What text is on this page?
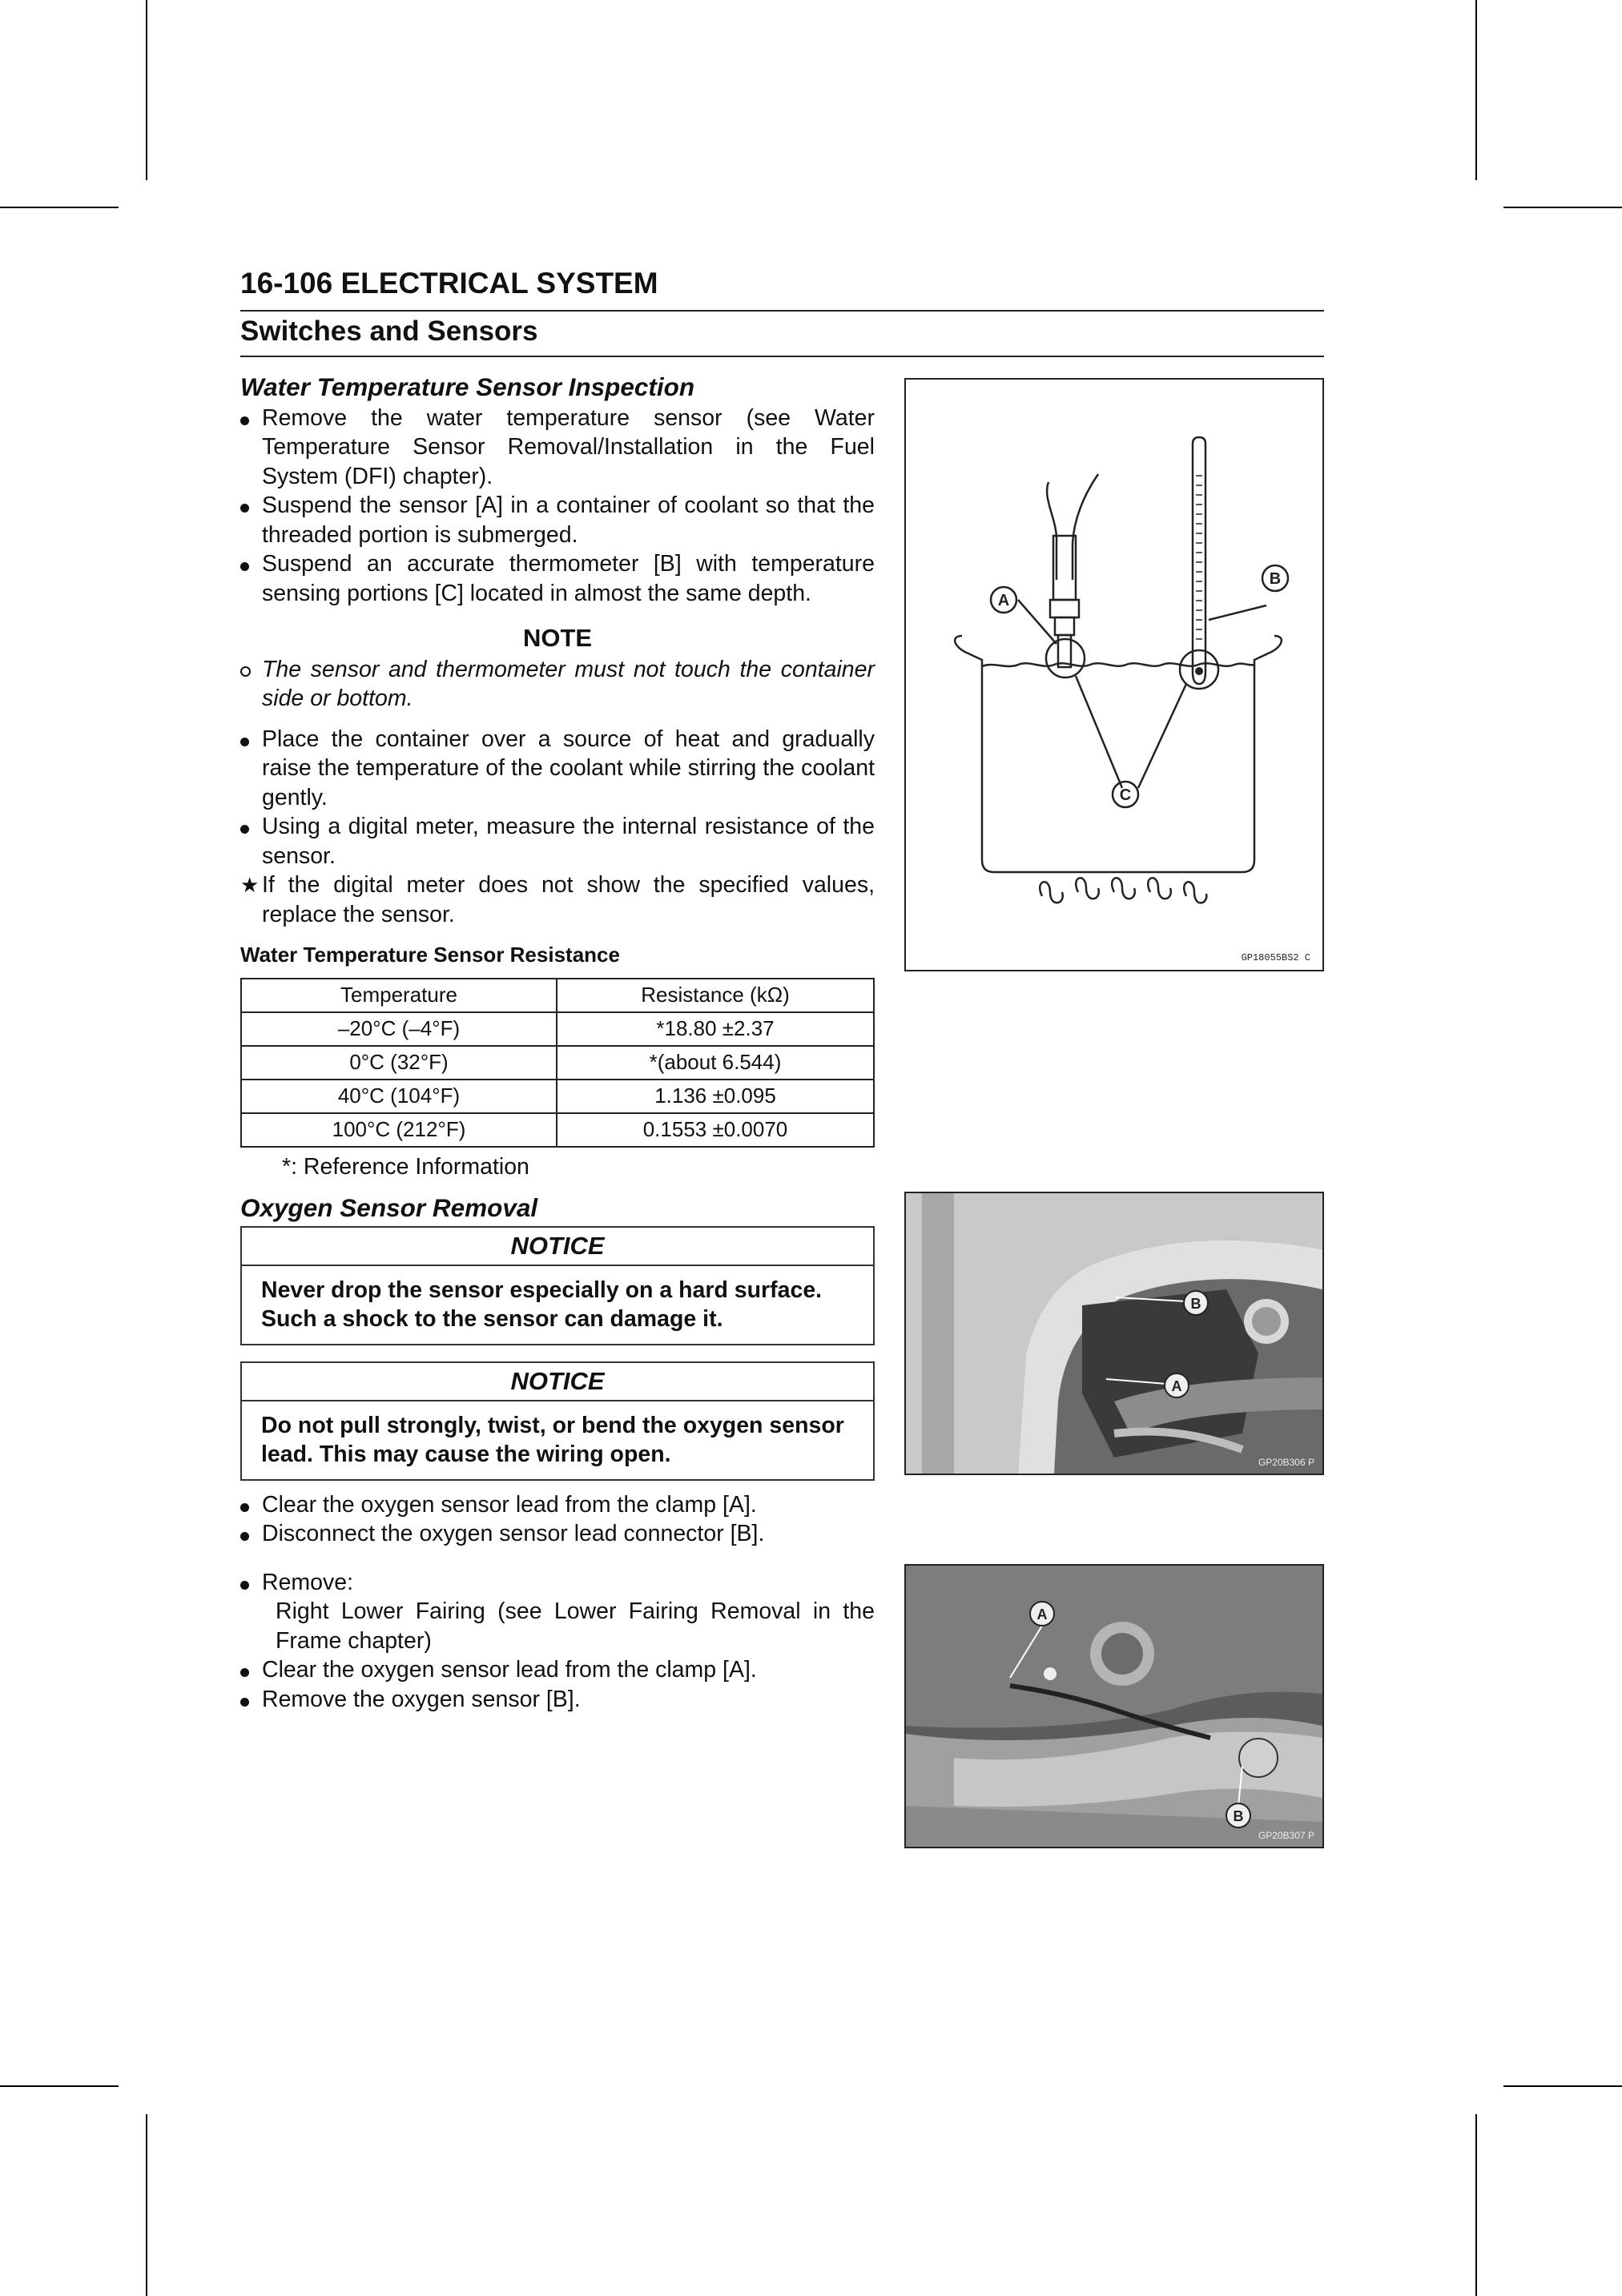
16-106 ELECTRICAL SYSTEM
Switches and Sensors
Water Temperature Sensor Inspection
Remove the water temperature sensor (see Water Temperature Sensor Removal/Installation in the Fuel System (DFI) chapter).
Suspend the sensor [A] in a container of coolant so that the threaded portion is submerged.
Suspend an accurate thermometer [B] with temperature sensing portions [C] located in almost the same depth.
NOTE
The sensor and thermometer must not touch the container side or bottom.
Place the container over a source of heat and gradually raise the temperature of the coolant while stirring the coolant gently.
Using a digital meter, measure the internal resistance of the sensor.
★ If the digital meter does not show the specified values, replace the sensor.
Water Temperature Sensor Resistance
Temperature	Resistance (kΩ)
–20°C (–4°F)	*18.80 ±2.37
0°C (32°F)	*(about 6.544)
40°C (104°F)	1.136 ±0.095
100°C (212°F)	0.1553 ±0.0070
*: Reference Information
Oxygen Sensor Removal
NOTICE
Never drop the sensor especially on a hard surface. Such a shock to the sensor can damage it.
NOTICE
Do not pull strongly, twist, or bend the oxygen sensor lead. This may cause the wiring open.
Clear the oxygen sensor lead from the clamp [A].
Disconnect the oxygen sensor lead connector [B].
Remove:
Right Lower Fairing (see Lower Fairing Removal in the Frame chapter)
Clear the oxygen sensor lead from the clamp [A].
Remove the oxygen sensor [B].
A
B
C
GP18055BS2 C
B
A
GP20B306 P
A
B
GP20B307 P
